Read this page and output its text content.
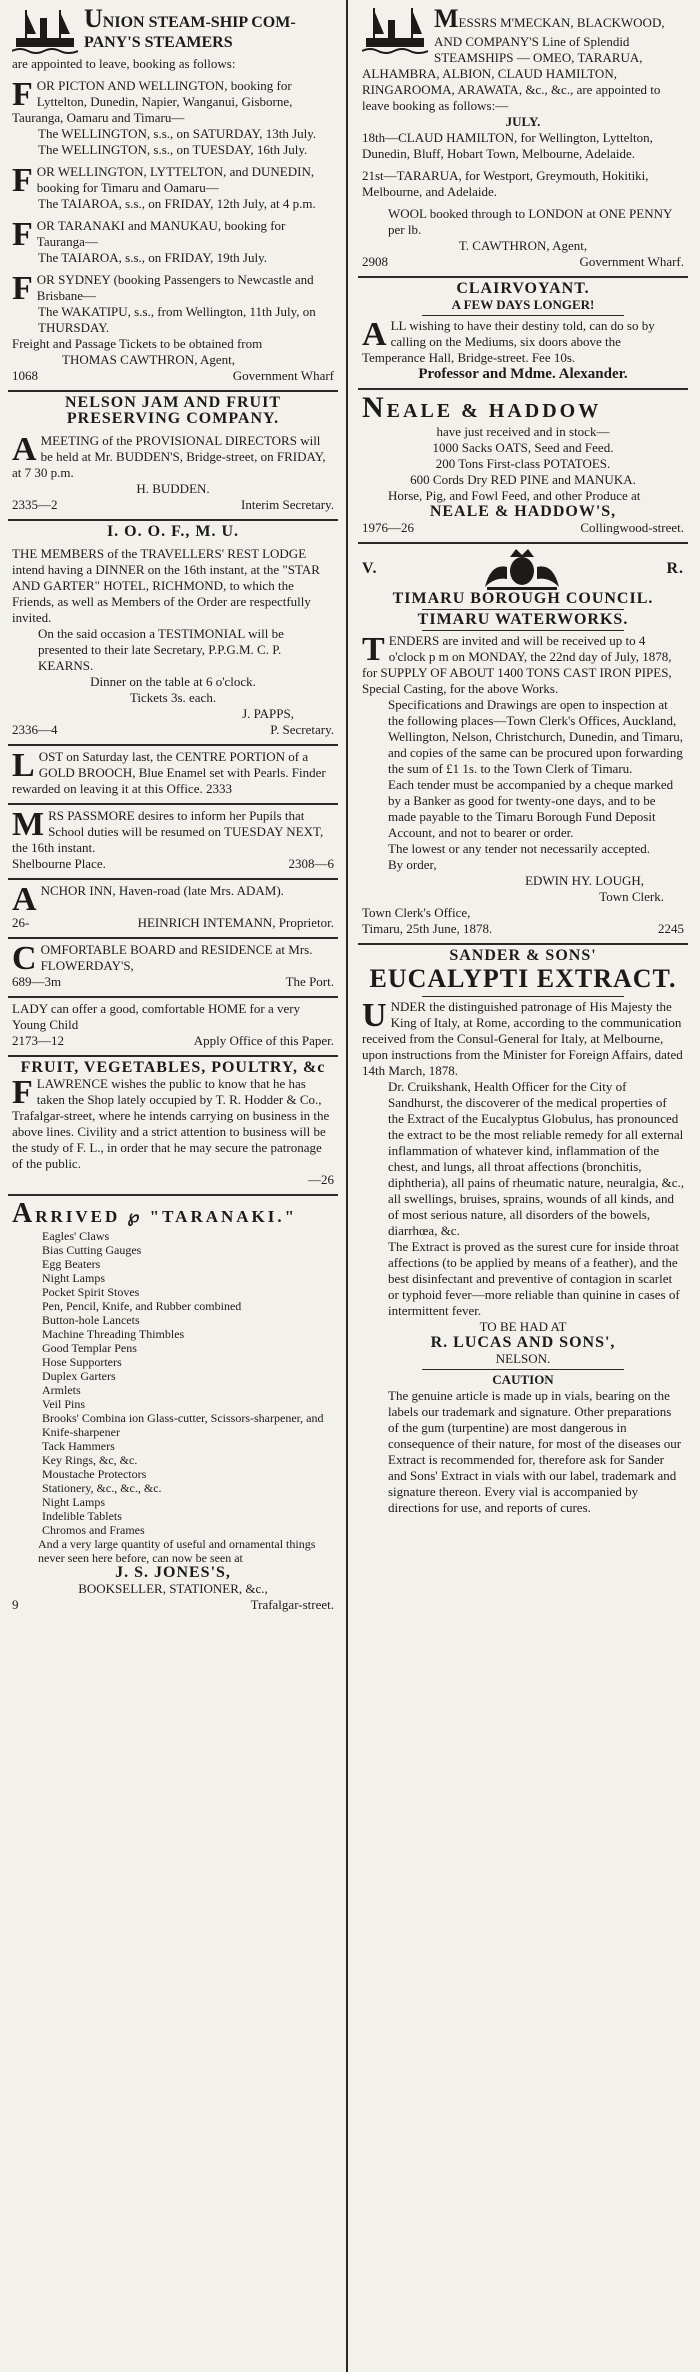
UNION STEAM-SHIP COM-PANY'S STEAMERS
are appointed to leave, booking as follows:

FOR PICTON AND WELLINGTON, booking for Lyttelton, Dunedin, Napier, Wanganui, Gisborne, Tauranga, Oamaru and Timaru—

The WELLINGTON, s.s., on SATURDAY, 13th July.

The WELLINGTON, s.s., on TUESDAY, 16th July.

FOR WELLINGTON, LYTTELTON, and DUNEDIN, booking for Timaru and Oamaru—

The TAIAROA, s.s., on FRIDAY, 12th July, at 4 p.m.

FOR TARANAKI and MANUKAU, booking for Tauranga—

The TAIAROA, s.s., on FRIDAY, 19th July.

FOR SYDNEY (booking Passengers to Newcastle and Brisbane—

The WAKATIPU, s.s., from Wellington, 11th July, on THURSDAY.

Freight and Passage Tickets to be obtained from

THOMAS CAWTHRON, Agent,

1068	Government Wharf

NELSON JAM AND FRUIT PRESERVING COMPANY.

AMEETING of the PROVISIONAL DIRECTORS will be held at Mr. BUDDEN'S, Bridge-street, on FRIDAY, at 7 30 p.m.

H. BUDDEN.

2335—2	Interim Secretary.

I. O. O. F., M. U.

THE MEMBERS of the TRAVELLERS' REST LODGE intend having a DINNER on the 16th instant, at the "STAR AND GARTER" HOTEL, RICHMOND, to which the Friends, as well as Members of the Order are respectfully invited.

On the said occasion a TESTIMONIAL will be presented to their late Secretary, P.P.G.M. C. P. KEARNS.

Dinner on the table at 6 o'clock.

Tickets 3s. each.

J. PAPPS,

2336—4	P. Secretary.

LOST on Saturday last, the CENTRE PORTION of a GOLD BROOCH, Blue Enamel set with Pearls. Finder rewarded on leaving it at this Office. 2333

MRS PASSMORE desires to inform her Pupils that School duties will be resumed on TUESDAY NEXT, the 16th instant.

Shelbourne Place.	2308—6

ANCHOR INN, Haven-road (late Mrs. ADAM).

26-	HEINRICH INTEMANN, Proprietor.

COMFORTABLE BOARD and RESIDENCE at Mrs. FLOWERDAY'S,

689—3m	The Port.

LADY can offer a good, comfortable HOME for a very Young Child

2173—12	Apply Office of this Paper.

FRUIT, VEGETABLES, POULTRY, &c

FLAWRENCE wishes the public to know that he has taken the Shop lately occupied by T. R. Hodder & Co., Trafalgar-street, where he intends carrying on business in the above lines. Civility and a strict attention to business will be the study of F. L., in order that he may secure the patronage of the public.

—26

ARRIVED ℘ "TARANAKI."

Eagles' Claws
Bias Cutting Gauges
Egg Beaters
Night Lamps
Pocket Spirit Stoves
Pen, Pencil, Knife, and Rubber combined
Button-hole Lancets
Machine Threading Thimbles
Good Templar Pens
Hose Supporters
Duplex Garters
Armlets
Veil Pins
Brooks' Combina ion Glass-cutter, Scissors-sharpener, and Knife-sharpener
Tack Hammers
Key Rings, &c, &c.
Moustache Protectors
Stationery, &c., &c., &c.
Night Lamps
Indelible Tablets
Chromos and Frames

And a very large quantity of useful and ornamental things never seen here before, can now be seen at

J. S. JONES'S,

BOOKSELLER, STATIONER, &c.,

9	Trafalgar-street.

MESSRS M'MECKAN, BLACKWOOD, AND COMPANY'S Line of Splendid STEAMSHIPS — OMEO, TARARUA, ALHAMBRA, ALBION, CLAUD HAMILTON, RINGAROOMA, ARAWATA, &c., &c., are appointed to leave booking as follows:—

JULY.

18th—CLAUD HAMILTON, for Wellington, Lyttelton, Dunedin, Bluff, Hobart Town, Melbourne, Adelaide.

21st—TARARUA, for Westport, Greymouth, Hokitiki, Melbourne, and Adelaide.

WOOL booked through to LONDON at ONE PENNY per lb.

T. CAWTHRON, Agent,

2908	Government Wharf.

CLAIRVOYANT.

A FEW DAYS LONGER!

ALL wishing to have their destiny told, can do so by calling on the Mediums, six doors above the Temperance Hall, Bridge-street. Fee 10s.

Professor and Mdme. Alexander.

NEALE & HADDOW

have just received and in stock—

1000 Sacks OATS, Seed and Feed.

200 Tons First-class POTATOES.

600 Cords Dry RED PINE and MANUKA.

Horse, Pig, and Fowl Feed, and other Produce at

NEALE & HADDOW'S,

1976—26	Collingwood-street.
V.	R.

TIMARU BOROUGH COUNCIL.

TIMARU WATERWORKS.

TENDERS are invited and will be received up to 4 o'clock p m on MONDAY, the 22nd day of July, 1878, for SUPPLY OF ABOUT 1400 TONS CAST IRON PIPES, Special Casting, for the above Works.

Specifications and Drawings are open to inspection at the following places—Town Clerk's Offices, Auckland, Wellington, Nelson, Christchurch, Dunedin, and Timaru, and copies of the same can be procured upon forwarding the sum of £1 1s. to the Town Clerk of Timaru.

Each tender must be accompanied by a cheque marked by a Banker as good for twenty-one days, and to be made payable to the Timaru Borough Fund Deposit Account, and not to bearer or order.

The lowest or any tender not necessarily accepted.

By order,

EDWIN HY. LOUGH,

Town Clerk.

Town Clerk's Office,

Timaru, 25th June, 1878.	2245

SANDER & SONS'

EUCALYPTI EXTRACT.

UNDER the distinguished patronage of His Majesty the King of Italy, at Rome, according to the communication received from the Consul-General for Italy, at Melbourne, upon instructions from the Minister for Foreign Affairs, dated 14th March, 1878.

Dr. Cruikshank, Health Officer for the City of Sandhurst, the discoverer of the medical properties of the Extract of the Eucalyptus Globulus, has pronounced the extract to be the most reliable remedy for all external inflammation of whatever kind, inflammation of the chest, and lungs, all throat affections (bronchitis, diphtheria), all pains of rheumatic nature, neuralgia, &c., all swellings, bruises, sprains, wounds of all kinds, and of most serious nature, all disorders of the bowels, diarrhœa, &c.

The Extract is proved as the surest cure for inside throat affections (to be applied by means of a feather), and the best disinfectant and preventive of contagion in scarlet or typhoid fever—more reliable than quinine in cases of intermittent fever.

TO BE HAD AT

R. LUCAS AND SONS',

NELSON.

CAUTION

The genuine article is made up in vials, bearing on the labels our trademark and signature. Other preparations of the gum (turpentine) are most dangerous in consequence of their nature, for most of the diseases our Extract is recommended for, therefore ask for Sander and Sons' Extract in vials with our label, trademark and signature thereon. Every vial is accompanied by directions for use, and reports of cures.
